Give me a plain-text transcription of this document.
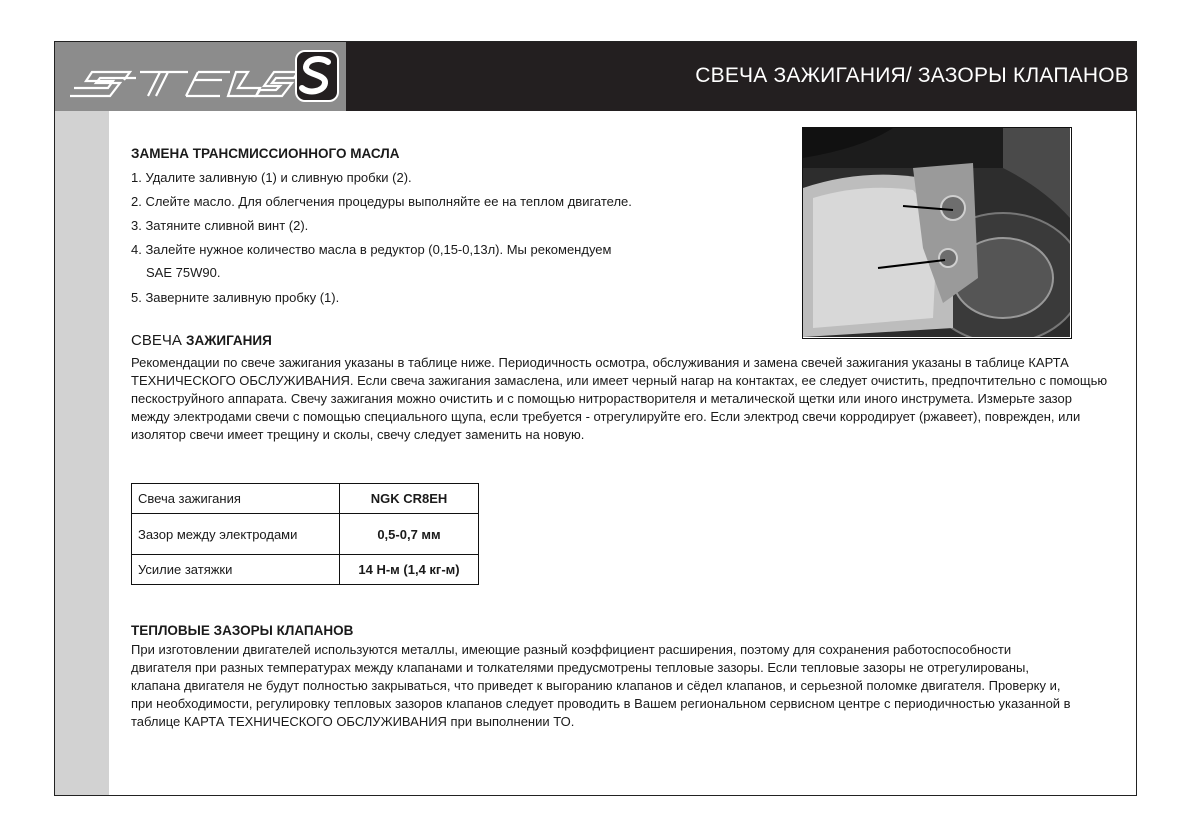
СВЕЧА ЗАЖИГАНИЯ/ ЗАЗОРЫ КЛАПАНОВ
ЗАМЕНА ТРАНСМИССИОННОГО МАСЛА
1. Удалите заливную (1) и сливную пробки (2).
2. Слейте масло. Для облегчения процедуры выполняйте ее на теплом двигателе.
3. Затяните сливной винт (2).
4. Залейте нужное количество масла в редуктор (0,15-0,13л). Мы рекомендуем
SAE 75W90.
5. Заверните заливную пробку (1).
СВЕЧА ЗАЖИГАНИЯ
Рекомендации по свече зажигания указаны в таблице ниже. Периодичность осмотра, обслуживания и замена свечей зажигания указаны в таблице КАРТА ТЕХНИЧЕСКОГО ОБСЛУЖИВАНИЯ. Если свеча зажигания замаслена, или имеет черный нагар на контактах, ее следует очистить, предпочтительно с помощью пескоструйного аппарата. Свечу зажигания можно очистить и с помощью нитрорастворителя и металической щетки или иного инструмета. Измерьте зазор между электродами свечи с помощью специального щупа, если требуется - отрегулируйте его. Если электрод свечи корродирует (ржавеет), поврежден, или изолятор свечи имеет трещину и сколы, свечу следует заменить на новую.
Свеча зажигания	NGK CR8EH
Зазор между электродами	0,5-0,7 мм
Усилие затяжки	14 Н-м (1,4 кг-м)
ТЕПЛОВЫЕ ЗАЗОРЫ КЛАПАНОВ
При изготовлении двигателей используются металлы, имеющие разный коэффициент расширения, поэтому для сохранения работоспособности двигателя при разных температурах между клапанами и толкателями предусмотрены тепловые зазоры. Если тепловые зазоры не отрегулированы, клапана двигателя не будут полностью закрываться, что приведет к выгоранию клапанов и сёдел клапанов, и серьезной поломке двигателя. Проверку и, при необходимости, регулировку тепловых зазоров клапанов следует проводить в Вашем региональном сервисном центре с периодичностью указанной в таблице КАРТА ТЕХНИЧЕСКОГО ОБСЛУЖИВАНИЯ при выполнении ТО.
